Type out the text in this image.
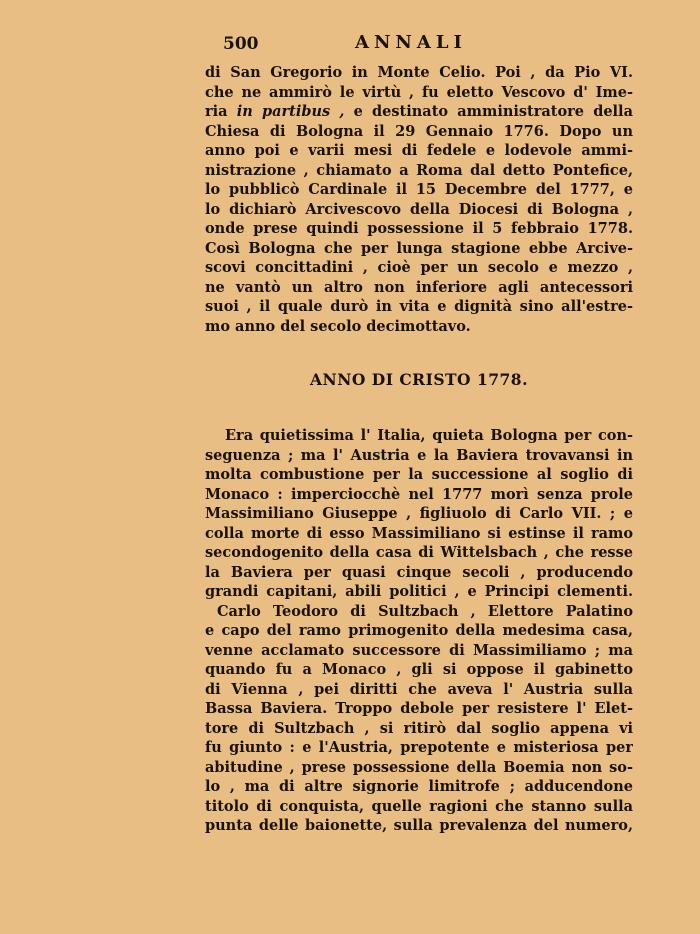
500	ANNALI
di San Gregorio in Monte Celio. Poi , da Pio VI.
che ne ammirò le virtù , fu eletto Vescovo d' Ime-
ria in partibus , e destinato amministratore della
Chiesa di Bologna il 29 Gennaio 1776. Dopo un
anno poi e varii mesi di fedele e lodevole ammi-
nistrazione , chiamato a Roma dal detto Pontefice,
lo pubblicò Cardinale il 15 Decembre del 1777, e
lo dichiarò Arcivescovo della Diocesi di Bologna ,
onde prese quindi possessione il 5 febbraio 1778.
Così Bologna che per lunga stagione ebbe Arcive-
scovi concittadini , cioè per un secolo e mezzo ,
ne vantò un altro non inferiore agli antecessori
suoi , il quale durò in vita e dignità sino all'estre-
mo anno del secolo decimottavo.
ANNO DI CRISTO 1778.
Era quietissima l' Italia, quieta Bologna per con-
seguenza ; ma l' Austria e la Baviera trovavansi in
molta combustione per la successione al soglio di
Monaco : imperciocchè nel 1777 morì senza prole
Massimiliano Giuseppe , figliuolo di Carlo VII. ; e
colla morte di esso Massimiliano si estinse il ramo
secondogenito della casa di Wittelsbach , che resse
la Baviera per quasi cinque secoli , producendo
grandi capitani, abili politici , e Principi clementi.
Carlo Teodoro di Sultzbach , Elettore Palatino
e capo del ramo primogenito della medesima casa,
venne acclamato successore di Massimiliamo ; ma
quando fu a Monaco , gli si oppose il gabinetto
di Vienna , pei diritti che aveva l' Austria sulla
Bassa Baviera. Troppo debole per resistere l' Elet-
tore di Sultzbach , si ritirò dal soglio appena vi
fu giunto : e l'Austria, prepotente e misteriosa per
abitudine , prese possessione della Boemia non so-
lo , ma di altre signorie limitrofe ; adducendone
titolo di conquista, quelle ragioni che stanno sulla
punta delle baionette, sulla prevalenza del numero,
